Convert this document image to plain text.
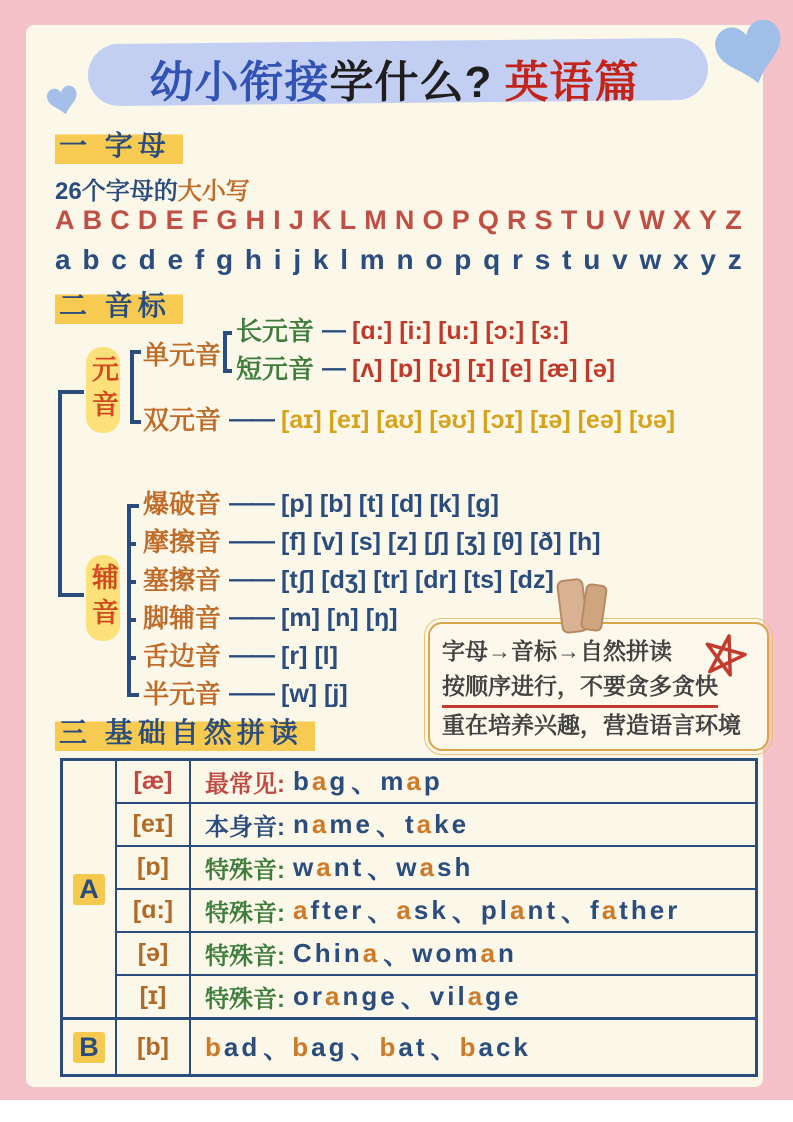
幼小衔接学什么? 英语篇
一 字母
26个字母的大小写
A B C D E F G H I J K L M N O P Q R S T U V W X Y Z
a b c d e f g h i j k l m n o p q r s t u v w x y z
二 音标
元音 单元音
长元音 — [ɑ:] [i:] [u:] [ɔ:] [ɜ:]
短元音 — [ʌ] [ɒ] [ʊ] [ɪ] [e] [æ] [ə]
双元音 —— [aɪ] [eɪ] [aʊ] [əʊ] [ɔɪ] [ɪə] [eə] [ʊə]
辅音
爆破音 —— [p] [b] [t] [d] [k] [g]
摩擦音 —— [f] [v] [s] [z] [ʃ] [ʒ] [θ] [ð] [h]
塞擦音 —— [tʃ] [dʒ] [tr] [dr] [ts] [dz]
脚辅音 —— [m] [n] [ŋ]
舌边音 —— [r] [l]
半元音 —— [w] [j]
字母→音标→自然拼读
按顺序进行，不要贪多贪快
重在培养兴趣，营造语言环境
三 基础自然拼读
A
[æ]	最常见: bag 、 map
[eɪ]	本身音: name 、 take
[ɒ]	特殊音: want 、 wash
[ɑ:]	特殊音: after 、 ask 、 plant 、 father
[ə]	特殊音: China 、 woman
[ɪ]	特殊音: orange 、 vilage
B	[b]	bad 、 bag 、 bat 、 back
